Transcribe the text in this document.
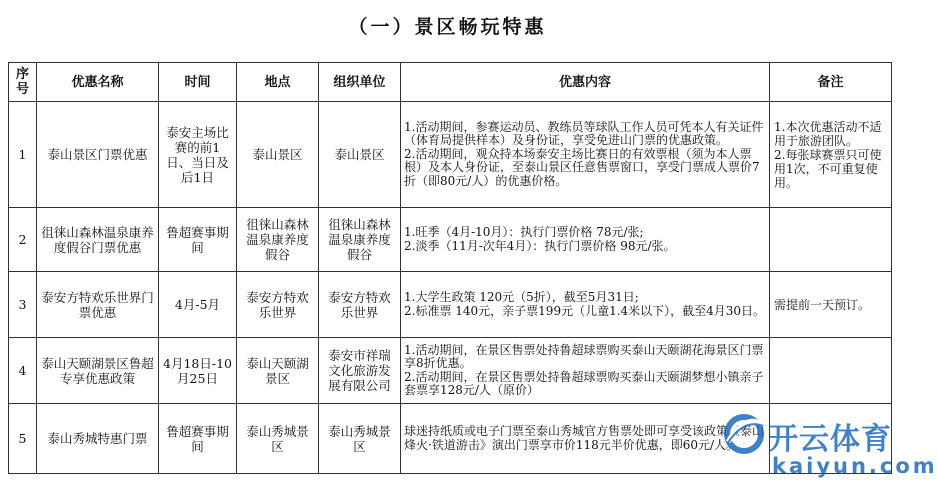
（一）景区畅玩特惠
序号	优惠名称	时间	地点	组织单位	优惠内容	备注
1	泰山景区门票优惠	泰安主场比赛的前1日、当日及后1日	泰山景区	泰山景区	1.活动期间，参赛运动员、教练员等球队工作人员可凭本人有关证件（体育局提供样本）及身份证，享受免进山门票的优惠政策。
2.活动期间，观众持本场泰安主场比赛日的有效票根（须为本人票根）及本人身份证，至泰山景区任意售票窗口，享受门票成人票价7折（即80元/人）的优惠价格。	1.本次优惠活动不适用于旅游团队。
2.每张球赛票只可使用1次，不可重复使用。

2	徂徕山森林温泉康养度假谷门票优惠	鲁超赛事期间	徂徕山森林温泉康养度假谷	徂徕山森林温泉康养度假谷	1.旺季（4月-10月）：执行门票价格 78元/张;
2.淡季（11月-次年4月）：执行门票价格 98元/张。	

3	泰安方特欢乐世界门票优惠	4月-5月	泰安方特欢乐世界	泰安方特欢乐世界	1.大学生政策 120元（5折），截至5月31日;
2.标准票 140元，亲子票199元（儿童1.4米以下），截至4月30日。	需提前一天预订。

4	泰山天颐湖景区鲁超专享优惠政策	4月18日-10月25日	泰山天颐湖景区	泰安市祥瑞文化旅游发展有限公司	1.活动期间，在景区售票处持鲁超球票购买泰山天颐湖花海景区门票享8折优惠。
2.活动期间，在景区售票处持鲁超球票购买泰山天颐湖梦想小镇亲子套票享128元/人（原价）	

5	泰山秀城特惠门票	鲁超赛事期间	泰山秀城景区	泰山秀城景区	球迷持纸质或电子门票至泰山秀城官方售票处即可享受该政策《泰山烽火·铁道游击》演出门票享市价118元半价优惠，即60元/人。	
	开云体育
kaiyun.com
